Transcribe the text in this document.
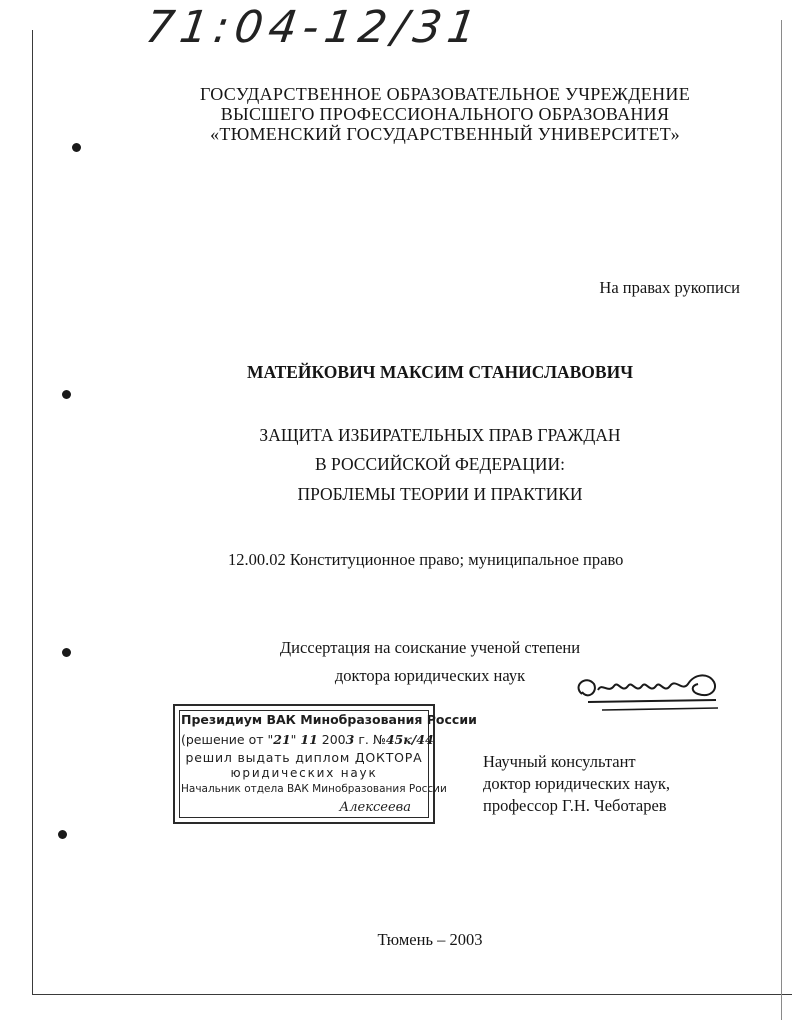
71:04-12/31
ГОСУДАРСТВЕННОЕ ОБРАЗОВАТЕЛЬНОЕ УЧРЕЖДЕНИЕ
ВЫСШЕГО ПРОФЕССИОНАЛЬНОГО ОБРАЗОВАНИЯ
«ТЮМЕНСКИЙ ГОСУДАРСТВЕННЫЙ УНИВЕРСИТЕТ»
На правах рукописи
МАТЕЙКОВИЧ МАКСИМ СТАНИСЛАВОВИЧ
ЗАЩИТА ИЗБИРАТЕЛЬНЫХ ПРАВ ГРАЖДАН
В РОССИЙСКОЙ ФЕДЕРАЦИИ:
ПРОБЛЕМЫ ТЕОРИИ И ПРАКТИКИ
12.00.02 Конституционное право; муниципальное право
Диссертация на соискание ученой степени
доктора юридических наук
Президиум ВАК Минобразования России
(решение от "21" 11 2003 г. №45к/44
решил выдать диплом ДОКТОРА
юридических наук
Начальник отдела ВАК Минобразования России
Алексеева
Научный консультант
доктор юридических наук,
профессор Г.Н. Чеботарев
Тюмень – 2003
